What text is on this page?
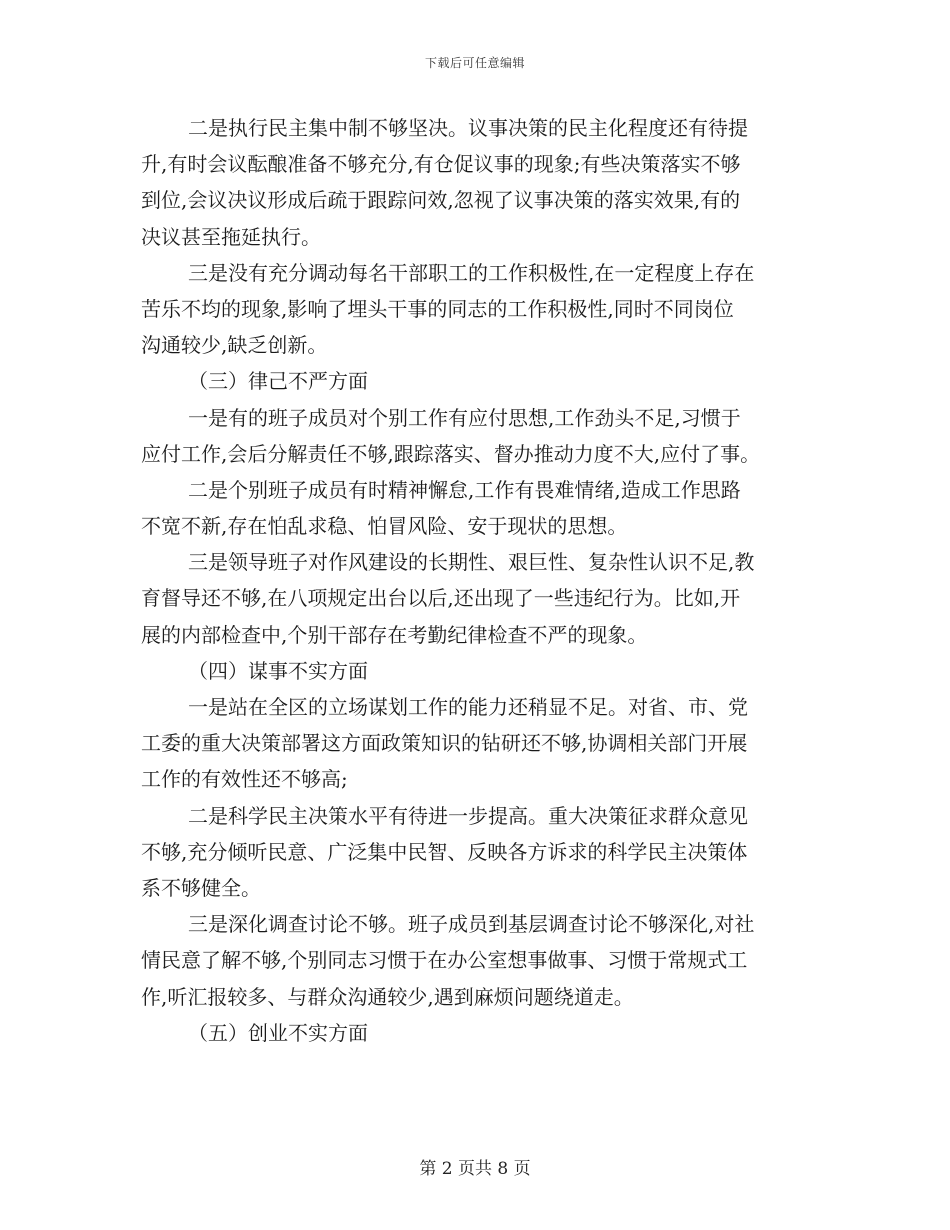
下载后可任意编辑
二是执行民主集中制不够坚决。议事决策的民主化程度还有待提
升,有时会议酝酿准备不够充分,有仓促议事的现象;有些决策落实不够
到位,会议决议形成后疏于跟踪问效,忽视了议事决策的落实效果,有的
决议甚至拖延执行。
三是没有充分调动每名干部职工的工作积极性,在一定程度上存在
苦乐不均的现象,影响了埋头干事的同志的工作积极性,同时不同岗位
沟通较少,缺乏创新。
（三）律己不严方面
一是有的班子成员对个别工作有应付思想,工作劲头不足,习惯于
应付工作,会后分解责任不够,跟踪落实、督办推动力度不大,应付了事。
二是个别班子成员有时精神懈怠,工作有畏难情绪,造成工作思路
不宽不新,存在怕乱求稳、怕冒风险、安于现状的思想。
三是领导班子对作风建设的长期性、艰巨性、复杂性认识不足,教
育督导还不够,在八项规定出台以后,还出现了一些违纪行为。比如,开
展的内部检查中,个别干部存在考勤纪律检查不严的现象。
（四）谋事不实方面
一是站在全区的立场谋划工作的能力还稍显不足。对省、市、党
工委的重大决策部署这方面政策知识的钻研还不够,协调相关部门开展
工作的有效性还不够高;
二是科学民主决策水平有待进一步提高。重大决策征求群众意见
不够,充分倾听民意、广泛集中民智、反映各方诉求的科学民主决策体
系不够健全。
三是深化调查讨论不够。班子成员到基层调查讨论不够深化,对社
情民意了解不够,个别同志习惯于在办公室想事做事、习惯于常规式工
作,听汇报较多、与群众沟通较少,遇到麻烦问题绕道走。
（五）创业不实方面
第 2 页共 8 页
